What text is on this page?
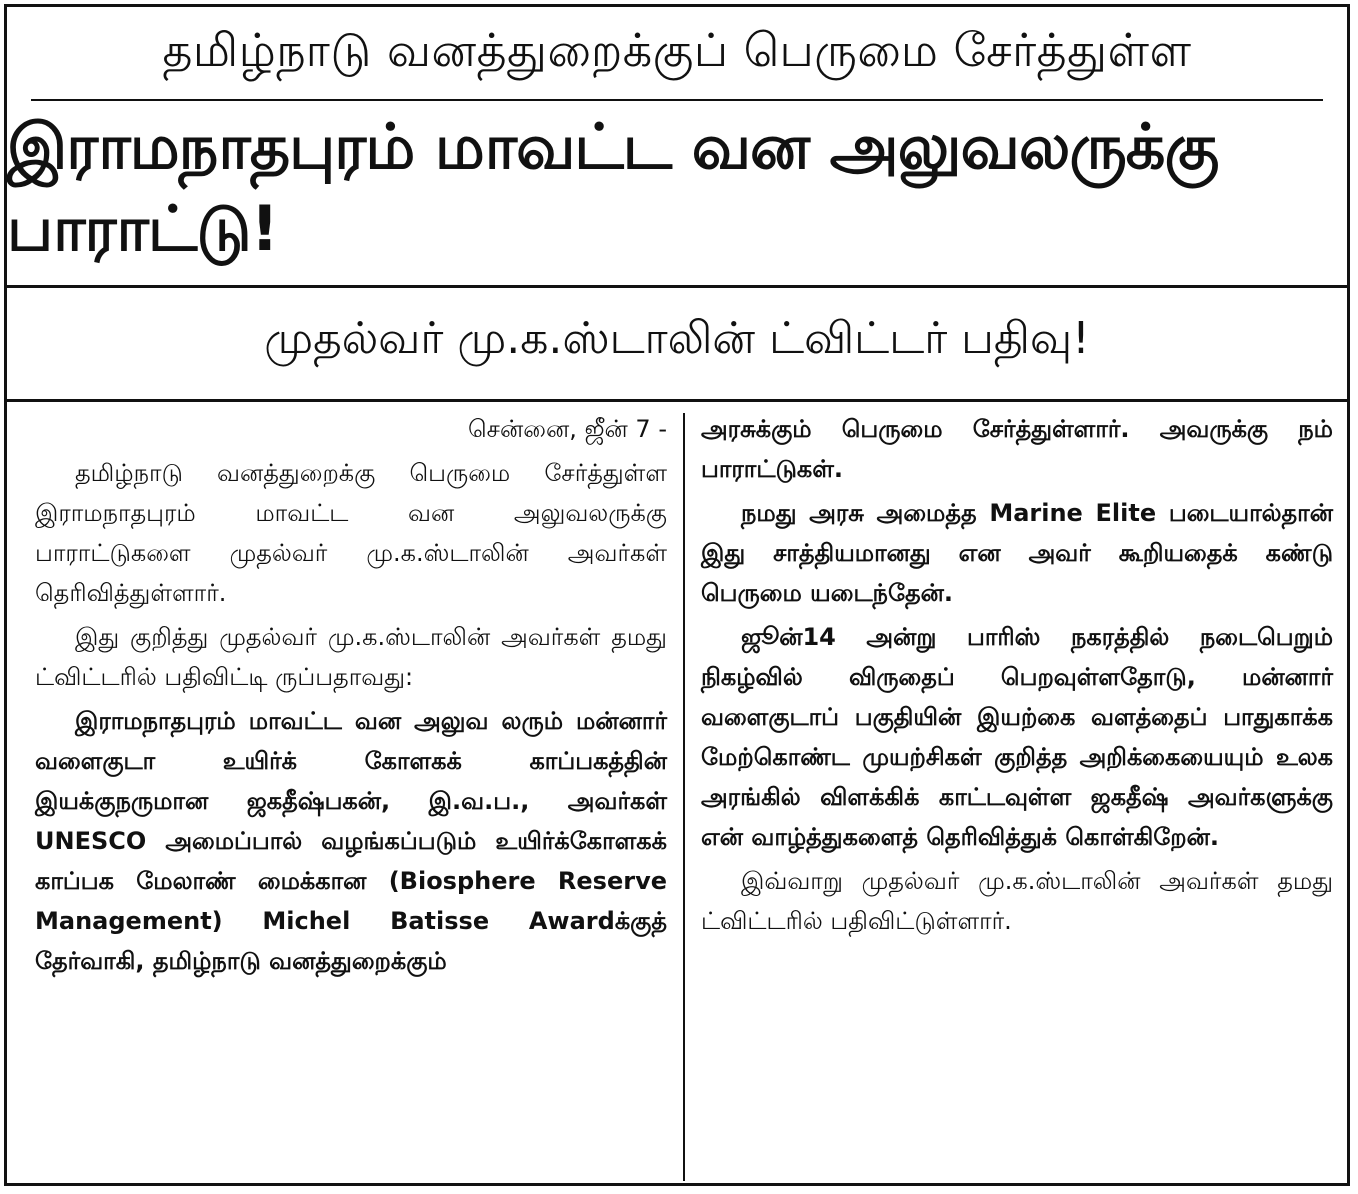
தமிழ்நாடு வனத்துறைக்குப் பெருமை சேர்த்துள்ள
இராமநாதபுரம் மாவட்ட வன அலுவலருக்கு பாராட்டு!
முதல்வர் மு.க.ஸ்டாலின் ட்விட்டர் பதிவு!

சென்னை, ஜீன் 7 -

தமிழ்நாடு வனத்துறைக்கு பெருமை சேர்த்துள்ள இராமநாதபுரம் மாவட்ட வன அலுவலருக்கு பாராட்டுகளை முதல்வர் மு.க.ஸ்டாலின் அவர்கள் தெரிவித்துள்ளார்.

இது குறித்து முதல்வர் மு.க.ஸ்டாலின் அவர்கள் தமது ட்விட்டரில் பதிவிட்டி ருப்பதாவது:

இராமநாதபுரம் மாவட்ட வன அலுவ லரும் மன்னார் வளைகுடா உயிர்க் கோளகக் காப்பகத்தின் இயக்குநருமான ஜகதீஷ்பகன், இ.வ.ப., அவர்கள் UNESCO அமைப்பால் வழங்கப்படும் உயிர்க்கோளகக் காப்பக மேலாண் மைக்கான (Biosphere Reserve Management) Michel Batisse Awardக்குத் தேர்வாகி, தமிழ்நாடு வனத்துறைக்கும்

அரசுக்கும் பெருமை சேர்த்துள்ளார். அவருக்கு நம் பாராட்டுகள்.

நமது அரசு அமைத்த Marine Elite படையால்தான் இது சாத்தியமானது என அவர் கூறியதைக் கண்டு பெருமை யடைந்தேன்.

ஜூன்14 அன்று பாரிஸ் நகரத்தில் நடைபெறும் நிகழ்வில் விருதைப் பெறவுள்ளதோடு, மன்னார் வளைகுடாப் பகுதியின் இயற்கை வளத்தைப் பாதுகாக்க மேற்கொண்ட முயற்சிகள் குறித்த அறிக்கையையும் உலக அரங்கில் விளக்கிக் காட்டவுள்ள ஜகதீஷ் அவர்களுக்கு என் வாழ்த்துகளைத் தெரிவித்துக் கொள்கிறேன்.

இவ்வாறு முதல்வர் மு.க.ஸ்டாலின் அவர்கள் தமது ட்விட்டரில் பதிவிட்டுள்ளார்.
